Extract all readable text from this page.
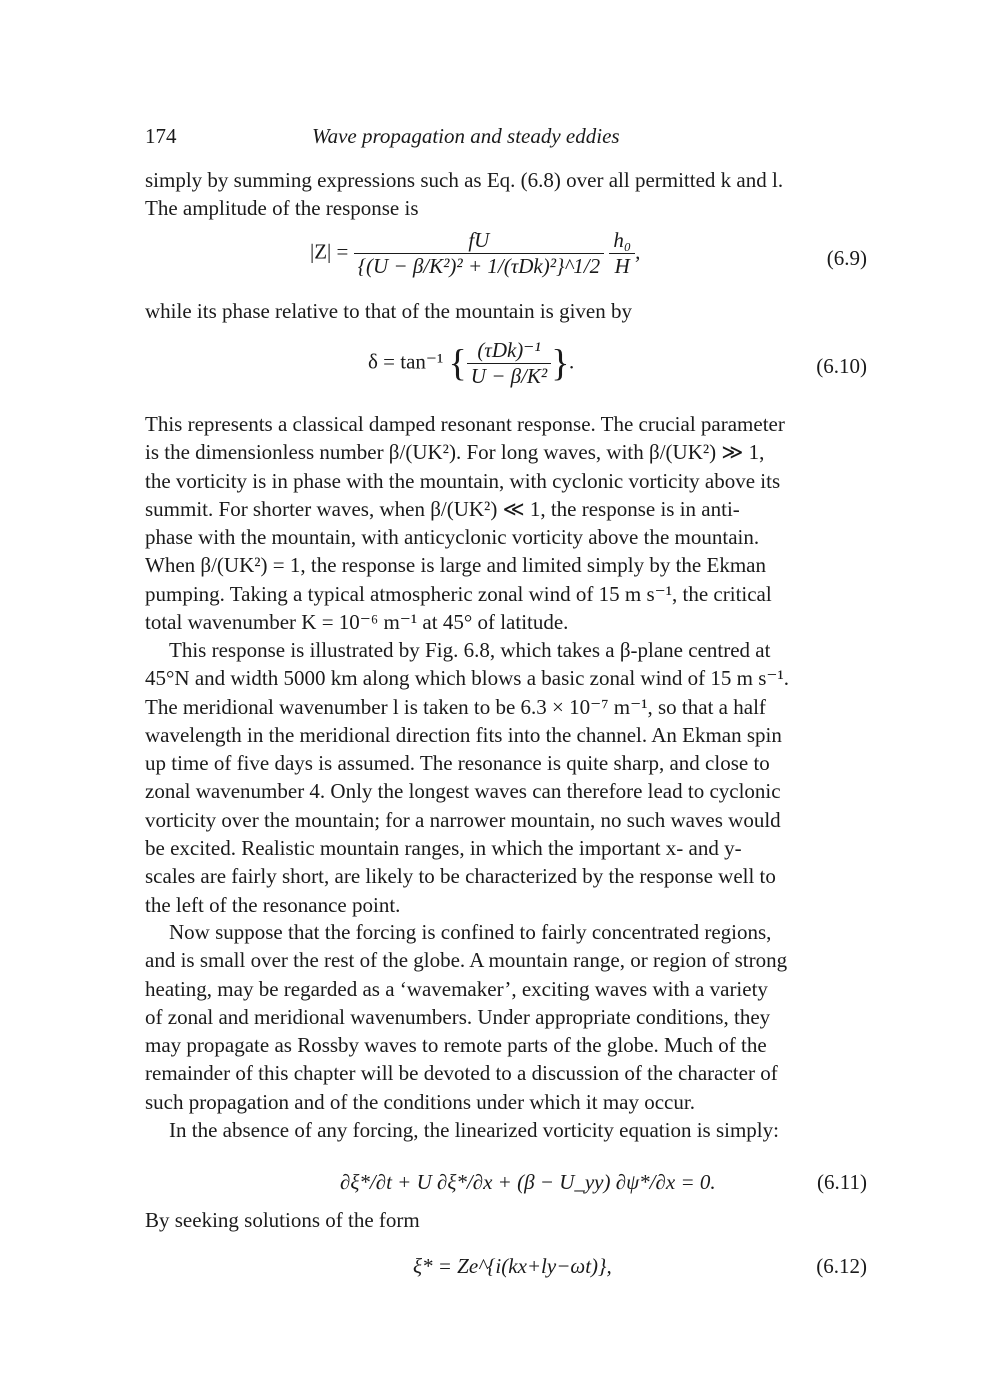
174	Wave propagation and steady eddies
simply by summing expressions such as Eq. (6.8) over all permitted k and l.
The amplitude of the response is
$|Z| = \frac{fU}{\text{\{(U − β/K²)² + 1/(τDk)²\}\textasciicircum{}1/2}}$
$\frac{\text{h₀}}{H}$ ,	(6.9)
while its phase relative to that of the mountain is given by
δ = tan⁻¹ { $\frac{\text{(τDk)⁻¹}}{\text{U − β/K²}}$ }.	(6.10)
This represents a classical damped resonant response. The crucial parameter
is the dimensionless number β/(UK²). For long waves, with β/(UK²) ≫ 1,
the vorticity is in phase with the mountain, with cyclonic vorticity above its
summit. For shorter waves, when β/(UK²) ≪ 1, the response is in anti-
phase with the mountain, with anticyclonic vorticity above the mountain.
When β/(UK²) = 1, the response is large and limited simply by the Ekman
pumping. Taking a typical atmospheric zonal wind of 15 m s⁻¹, the critical
total wavenumber K = 10⁻⁶ m⁻¹ at 45° of latitude.
This response is illustrated by Fig. 6.8, which takes a β-plane centred at
45°N and width 5000 km along which blows a basic zonal wind of 15 m s⁻¹.
The meridional wavenumber l is taken to be 6.3 × 10⁻⁷ m⁻¹, so that a half
wavelength in the meridional direction fits into the channel. An Ekman spin
up time of five days is assumed. The resonance is quite sharp, and close to
zonal wavenumber 4. Only the longest waves can therefore lead to cyclonic
vorticity over the mountain; for a narrower mountain, no such waves would
be excited. Realistic mountain ranges, in which the important x- and y-
scales are fairly short, are likely to be characterized by the response well to
the left of the resonance point.
Now suppose that the forcing is confined to fairly concentrated regions,
and is small over the rest of the globe. A mountain range, or region of strong
heating, may be regarded as a ‘wavemaker’, exciting waves with a variety
of zonal and meridional wavenumbers. Under appropriate conditions, they
may propagate as Rossby waves to remote parts of the globe. Much of the
remainder of this chapter will be devoted to a discussion of the character of
such propagation and of the conditions under which it may occur.
In the absence of any forcing, the linearized vorticity equation is simply:
∂ξ*/∂t + U ∂ξ*/∂x + (β − U_yy) ∂ψ*/∂x = 0.	(6.11)
By seeking solutions of the form
ξ* = Ze^{i(kx+ly−ωt)},	(6.12)
